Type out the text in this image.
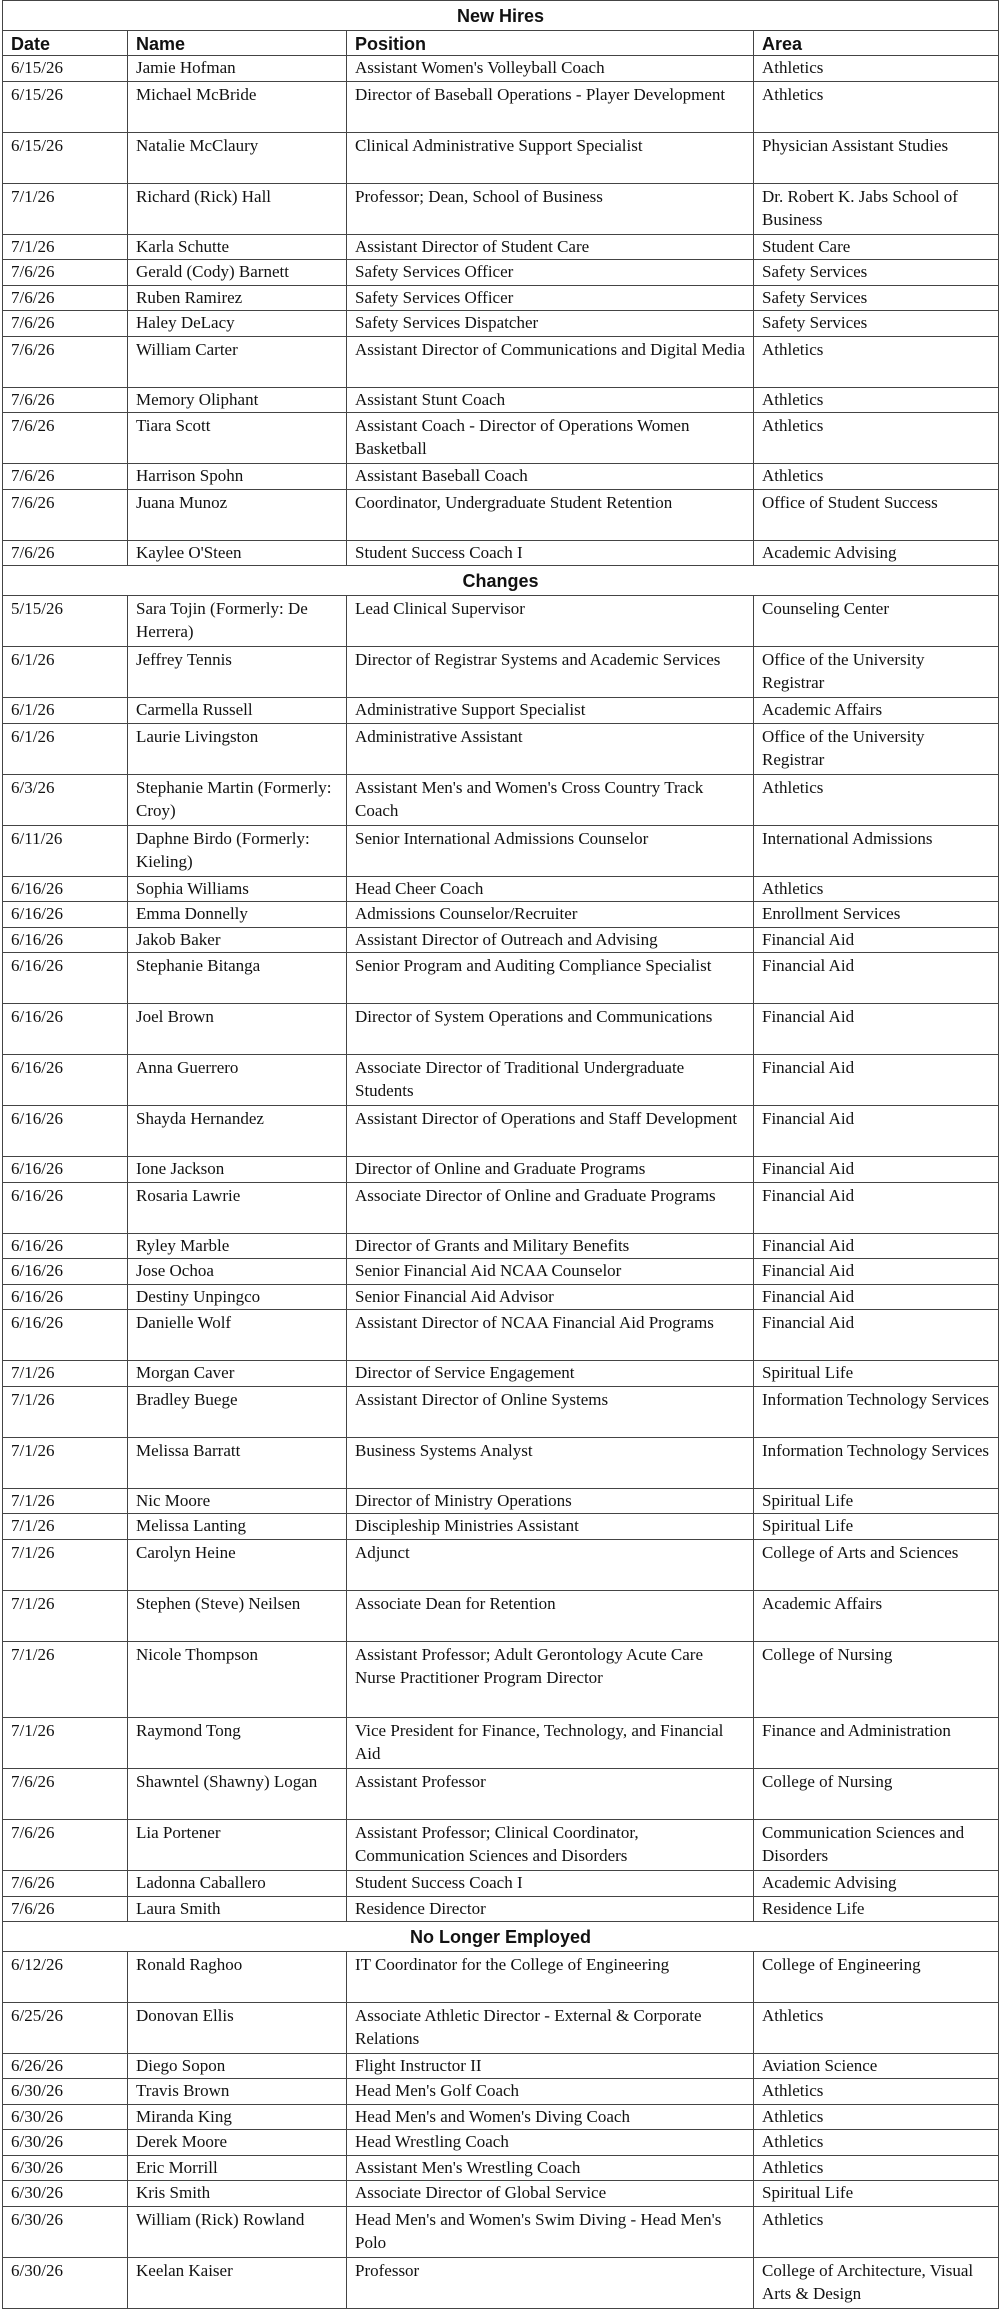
New Hires			
Date	Name	Position	Area
6/15/26	Jamie Hofman	Assistant Women's Volleyball Coach	Athletics
6/15/26	Michael McBride	Director of Baseball Operations - Player Development	Athletics
6/15/26	Natalie McClaury	Clinical Administrative Support Specialist	Physician Assistant Studies
7/1/26	Richard (Rick) Hall	Professor; Dean, School of Business	Dr. Robert K. Jabs School of Business
7/1/26	Karla Schutte	Assistant Director of Student Care	Student Care
7/6/26	Gerald (Cody) Barnett	Safety Services Officer	Safety Services
7/6/26	Ruben Ramirez	Safety Services Officer	Safety Services
7/6/26	Haley DeLacy	Safety Services Dispatcher	Safety Services
7/6/26	William Carter	Assistant Director of Communications and Digital Media	Athletics
7/6/26	Memory Oliphant	Assistant Stunt Coach	Athletics
7/6/26	Tiara Scott	Assistant Coach - Director of Operations Women Basketball	Athletics
7/6/26	Harrison Spohn	Assistant Baseball Coach	Athletics
7/6/26	Juana Munoz	Coordinator, Undergraduate Student Retention	Office of Student Success
7/6/26	Kaylee O'Steen	Student Success Coach I	Academic Advising
Changes			
5/15/26	Sara Tojin (Formerly: De Herrera)	Lead Clinical Supervisor	Counseling Center
6/1/26	Jeffrey Tennis	Director of Registrar Systems and Academic Services	Office of the University Registrar
6/1/26	Carmella Russell	Administrative Support Specialist	Academic Affairs
6/1/26	Laurie Livingston	Administrative Assistant	Office of the University Registrar
6/3/26	Stephanie Martin (Formerly: Croy)	Assistant Men's and Women's Cross Country Track Coach	Athletics
6/11/26	Daphne Birdo (Formerly: Kieling)	Senior International Admissions Counselor	International Admissions
6/16/26	Sophia Williams	Head Cheer Coach	Athletics
6/16/26	Emma Donnelly	Admissions Counselor/Recruiter	Enrollment Services
6/16/26	Jakob Baker	Assistant Director of Outreach and Advising	Financial Aid
6/16/26	Stephanie Bitanga	Senior Program and Auditing Compliance Specialist	Financial Aid
6/16/26	Joel Brown	Director of System Operations and Communications	Financial Aid
6/16/26	Anna Guerrero	Associate Director of Traditional Undergraduate Students	Financial Aid
6/16/26	Shayda Hernandez	Assistant Director of Operations and Staff Development	Financial Aid
6/16/26	Ione Jackson	Director of Online and Graduate Programs	Financial Aid
6/16/26	Rosaria Lawrie	Associate Director of Online and Graduate Programs	Financial Aid
6/16/26	Ryley Marble	Director of Grants and Military Benefits	Financial Aid
6/16/26	Jose Ochoa	Senior Financial Aid NCAA Counselor	Financial Aid
6/16/26	Destiny Unpingco	Senior Financial Aid Advisor	Financial Aid
6/16/26	Danielle Wolf	Assistant Director of NCAA Financial Aid Programs	Financial Aid
7/1/26	Morgan Caver	Director of Service Engagement	Spiritual Life
7/1/26	Bradley Buege	Assistant Director of Online Systems	Information Technology Services
7/1/26	Melissa Barratt	Business Systems Analyst	Information Technology Services
7/1/26	Nic Moore	Director of Ministry Operations	Spiritual Life
7/1/26	Melissa Lanting	Discipleship Ministries Assistant	Spiritual Life
7/1/26	Carolyn Heine	Adjunct	College of Arts and Sciences
7/1/26	Stephen (Steve) Neilsen	Associate Dean for Retention	Academic Affairs
7/1/26	Nicole Thompson	Assistant Professor; Adult Gerontology Acute Care Nurse Practitioner Program Director	College of Nursing
7/1/26	Raymond Tong	Vice President for Finance, Technology, and Financial Aid	Finance and Administration
7/6/26	Shawntel (Shawny) Logan	Assistant Professor	College of Nursing
7/6/26	Lia Portener	Assistant Professor; Clinical Coordinator, Communication Sciences and Disorders	Communication Sciences and Disorders
7/6/26	Ladonna Caballero	Student Success Coach I	Academic Advising
7/6/26	Laura Smith	Residence Director	Residence Life
No Longer Employed			
6/12/26	Ronald Raghoo	IT Coordinator for the College of Engineering	College of Engineering
6/25/26	Donovan Ellis	Associate Athletic Director - External & Corporate Relations	Athletics
6/26/26	Diego Sopon	Flight Instructor II	Aviation Science
6/30/26	Travis Brown	Head Men's Golf Coach	Athletics
6/30/26	Miranda King	Head Men's and Women's Diving Coach	Athletics
6/30/26	Derek Moore	Head Wrestling Coach	Athletics
6/30/26	Eric Morrill	Assistant Men's Wrestling Coach	Athletics
6/30/26	Kris Smith	Associate Director of Global Service	Spiritual Life
6/30/26	William (Rick) Rowland	Head Men's and Women's Swim Diving - Head Men's Polo	Athletics
6/30/26	Keelan Kaiser	Professor	College of Architecture, Visual Arts & Design
